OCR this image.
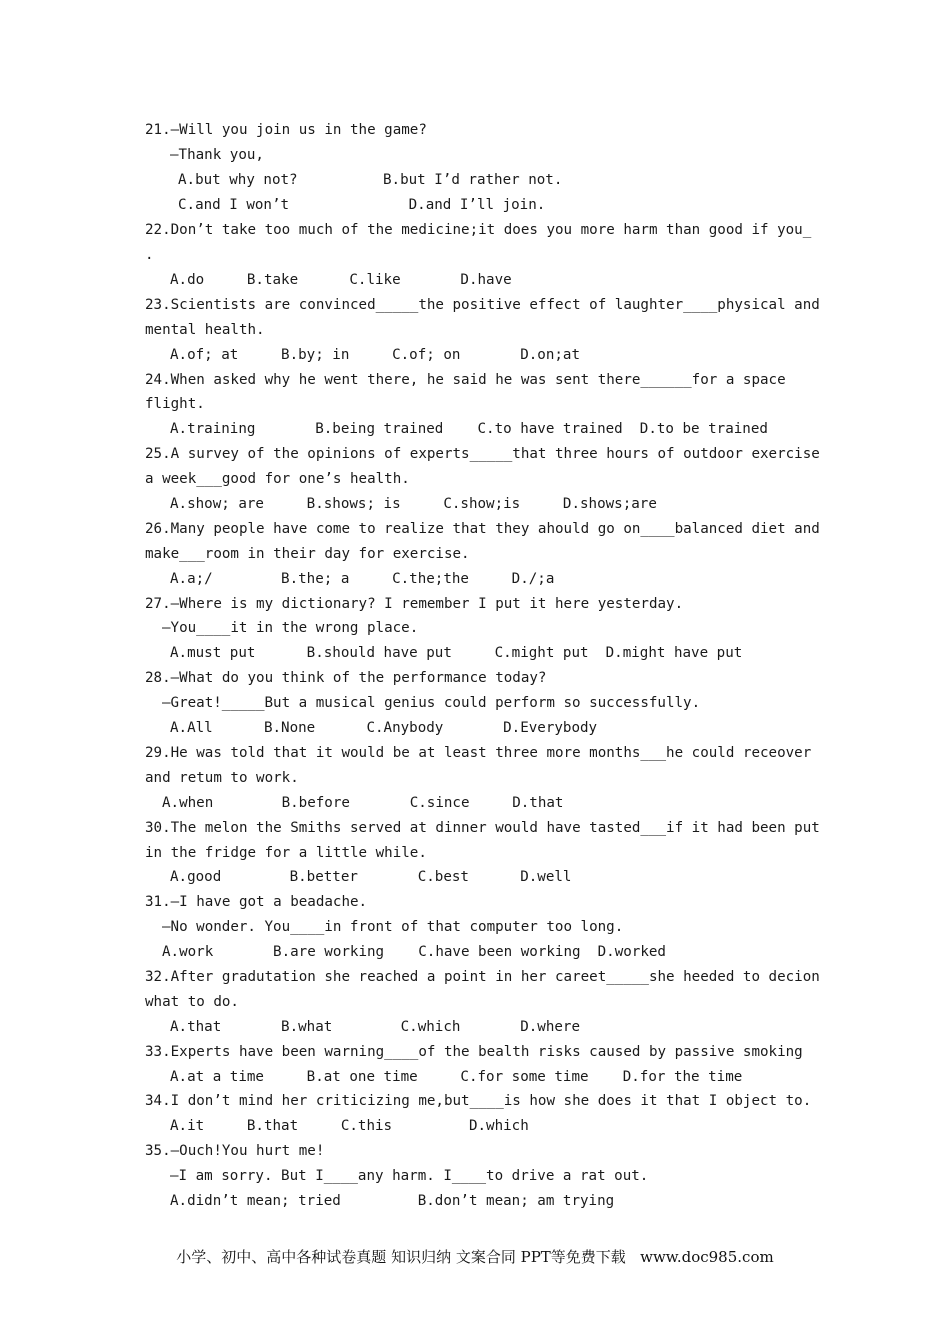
21.—Will you join us in the game?
—Thank you,
A.but why not?          B.but I’d rather not.
C.and I won’t              D.and I’ll join.
22.Don’t take too much of the medicine;it does you more harm than good if you_
.
A.do     B.take      C.like       D.have
23.Scientists are convinced_____the positive effect of laughter____physical and
mental health.
A.of; at     B.by; in     C.of; on       D.on;at
24.When asked why he went there, he said he was sent there______for a space
flight.
A.training       B.being trained    C.to have trained  D.to be trained
25.A survey of the opinions of experts_____that three hours of outdoor exercise
a week___good for one’s health.
A.show; are     B.shows; is     C.show;is     D.shows;are
26.Many people have come to realize that they ahould go on____balanced diet and
make___room in their day for exercise.
A.a;/        B.the; a     C.the;the     D./;a
27.—Where is my dictionary? I remember I put it here yesterday.
—You____it in the wrong place.
A.must put      B.should have put     C.might put  D.might have put
28.—What do you think of the performance today?
—Great!_____But a musical genius could perform so successfully.
A.All      B.None      C.Anybody       D.Everybody
29.He was told that it would be at least three more months___he could receover
and retum to work.
A.when        B.before       C.since     D.that
30.The melon the Smiths served at dinner would have tasted___if it had been put
in the fridge for a little while.
A.good        B.better       C.best      D.well
31.—I have got a beadache.
—No wonder. You____in front of that computer too long.
A.work       B.are working    C.have been working  D.worked
32.After gradutation she reached a point in her careet_____she heeded to decion
what to do.
A.that       B.what        C.which       D.where
33.Experts have been warning____of the bealth risks caused by passive smoking
A.at a time     B.at one time     C.for some time    D.for the time
34.I don’t mind her criticizing me,but____is how she does it that I object to.
A.it     B.that     C.this         D.which
35.—Ouch!You hurt me!
—I am sorry. But I____any harm. I____to drive a rat out.
A.didn’t mean; tried         B.don’t mean; am trying
小学、初中、高中各种试卷真题 知识归纳 文案合同 PPT等免费下载   www.doc985.com
